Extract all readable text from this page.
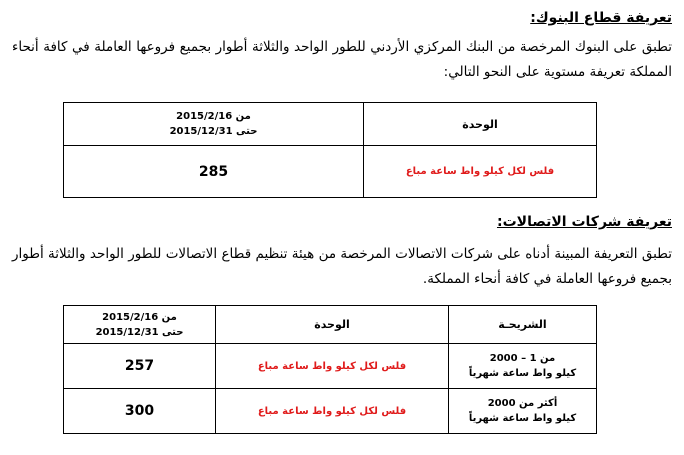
تعريفة قطاع البنوك:
تطبق على البنوك المرخصة من البنك المركزي الأردني للطور الواحد والثلاثة أطوار بجميع فروعها العاملة في كافة أنحاء المملكة تعريفة مستوية على النحو التالي:
الوحدة	من 2015/2/16
حتى 2015/12/31

فلس لكل كيلو واط ساعة مباع	285
تعريفة شركات الاتصالات:
تطبق التعريفة المبينة أدناه على شركات الاتصالات المرخصة من هيئة تنظيم قطاع الاتصالات للطور الواحد والثلاثة أطوار بجميع فروعها العاملة في كافة أنحاء المملكة.
الشريحـة	الوحدة	من 2015/2/16
حتى 2015/12/31

من 1 – 2000
كيلو واط ساعة شهرياً	فلس لكل كيلو واط ساعة مباع	257

أكثر من 2000
كيلو واط ساعة شهرياً	فلس لكل كيلو واط ساعة مباع	300
